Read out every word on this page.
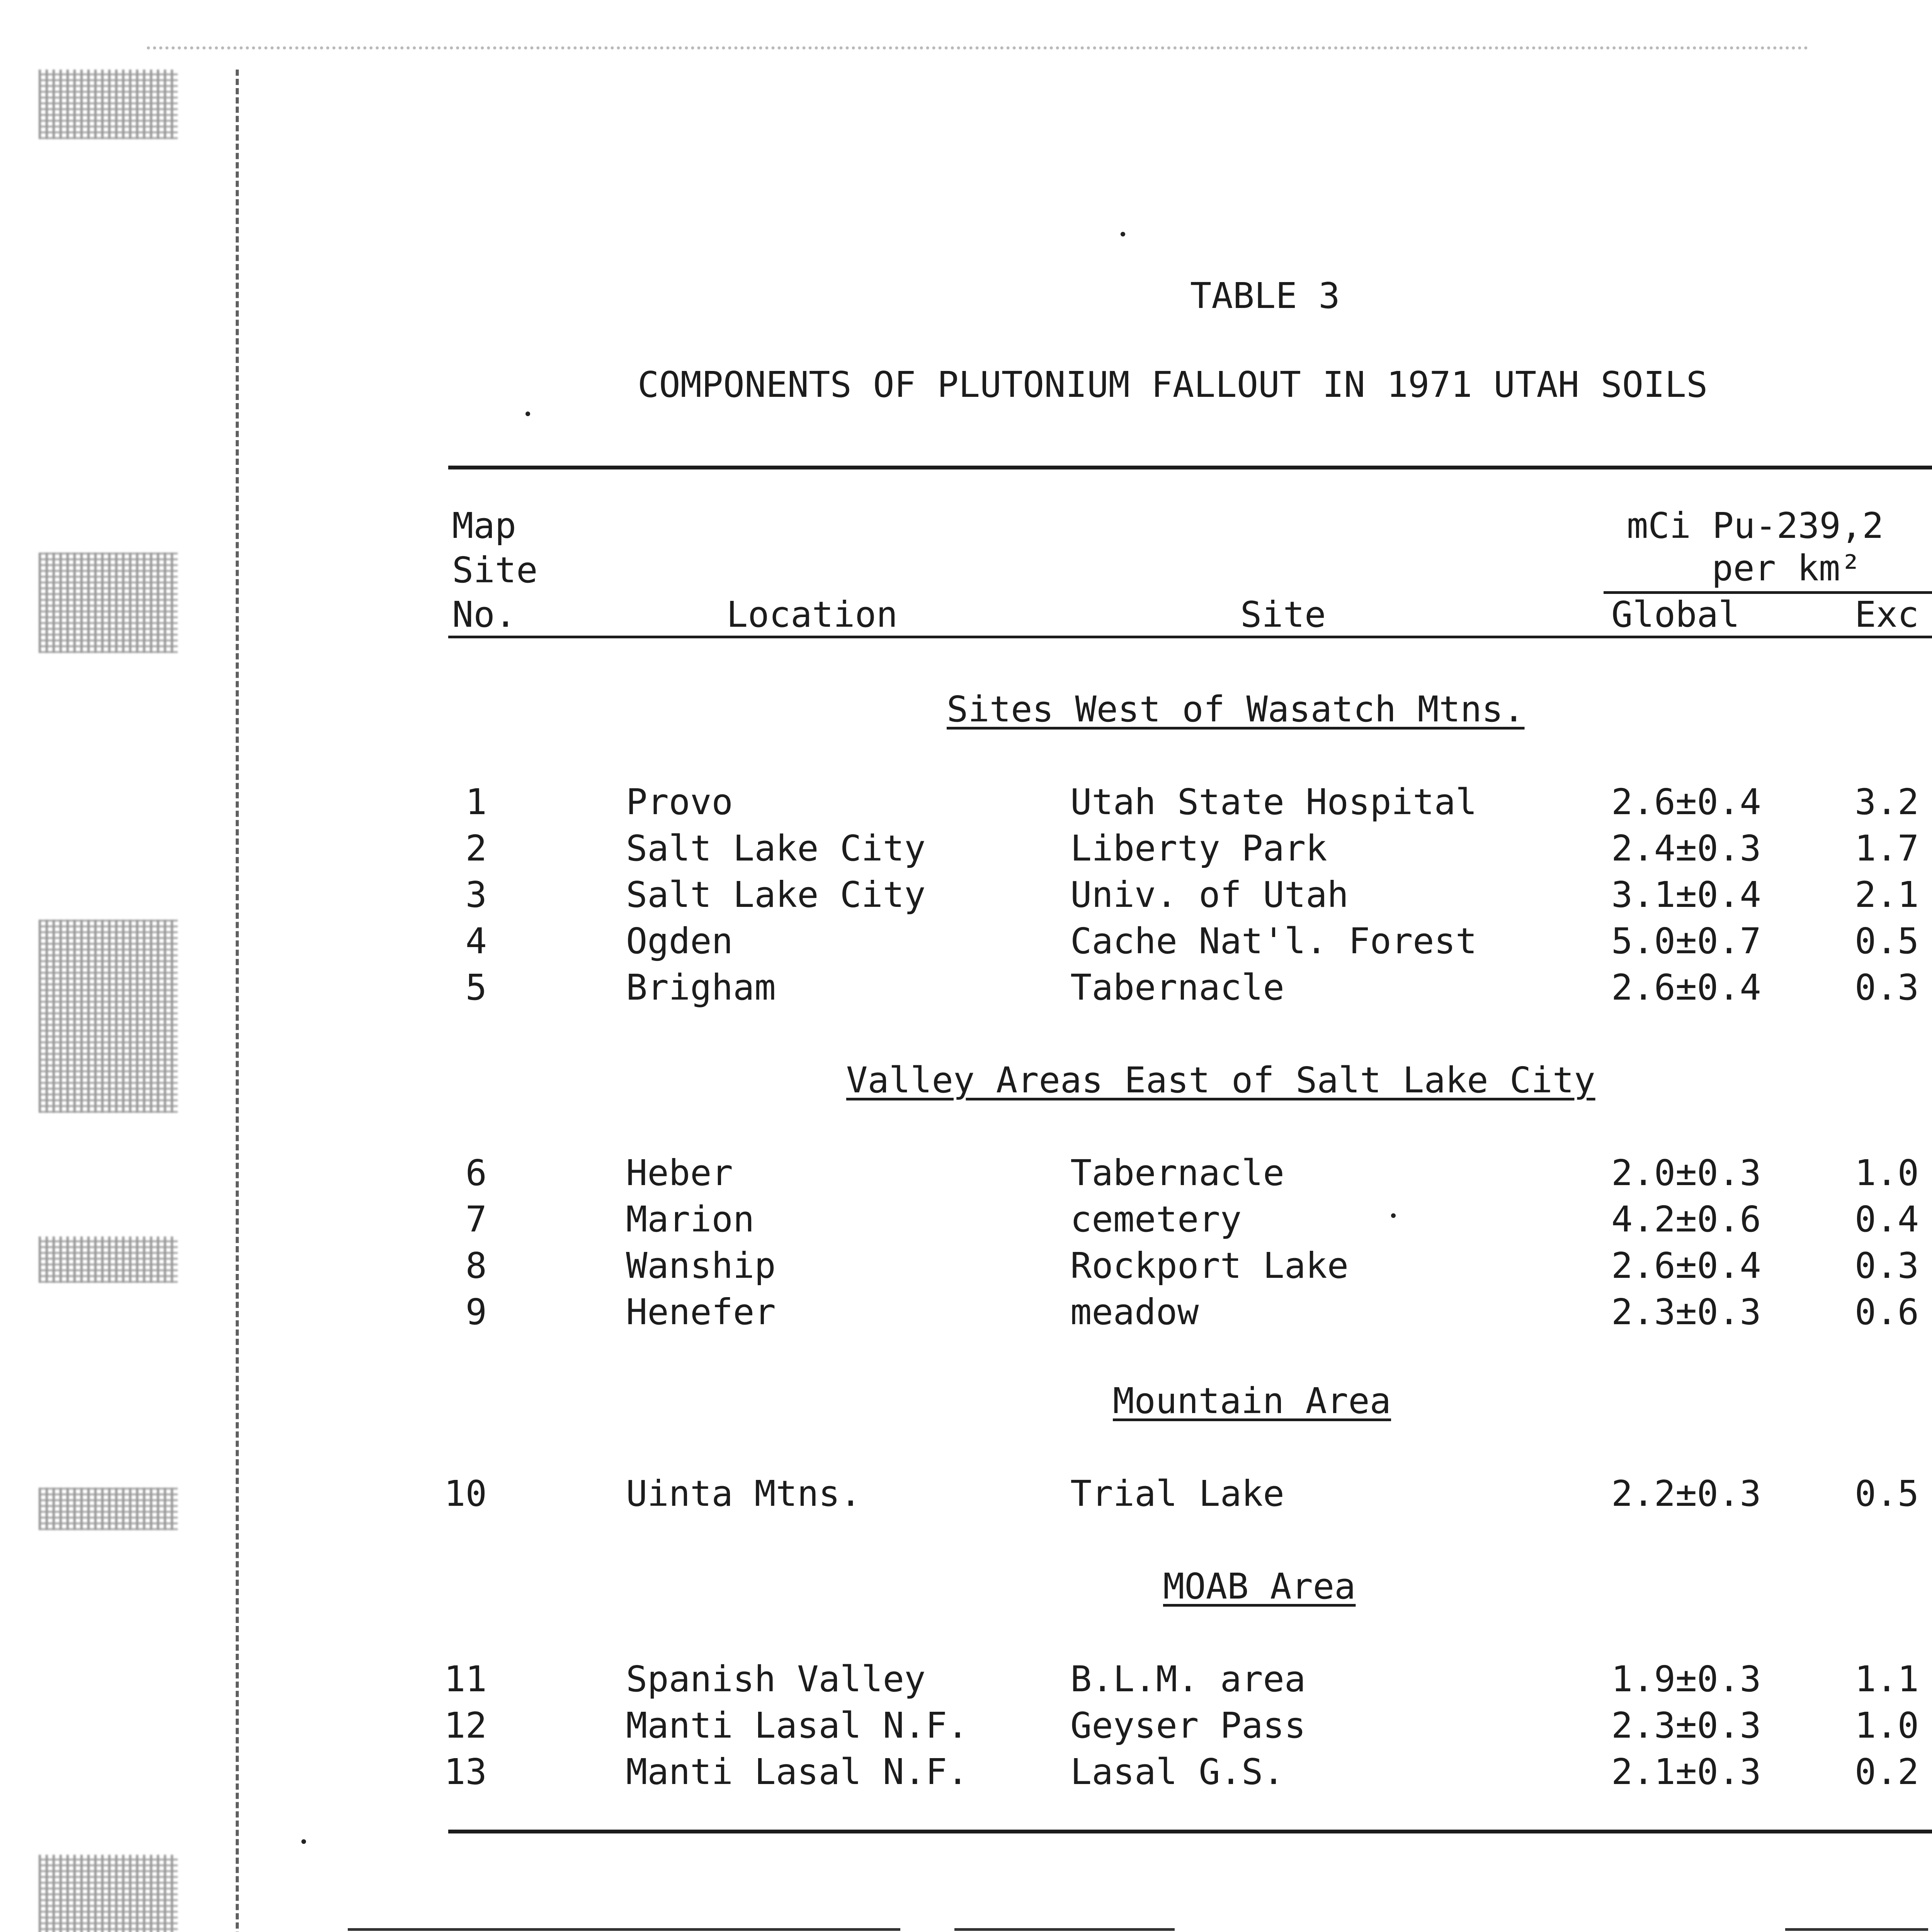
TABLE 3
COMPONENTS OF PLUTONIUM FALLOUT IN 1971 UTAH SOILS
Map
Site
No.	Location	Site
mCi Pu-239,2
per km²
Global	Exc
Sites West of Wasatch Mtns.
1	Provo	Utah State Hospital	2.6±0.4	3.2
2	Salt Lake City	Liberty Park	2.4±0.3	1.7
3	Salt Lake City	Univ. of Utah	3.1±0.4	2.1
4	Ogden	Cache Nat'l. Forest	5.0±0.7	0.5
5	Brigham	Tabernacle	2.6±0.4	0.3
Valley Areas East of Salt Lake City
6	Heber	Tabernacle	2.0±0.3	1.0
7	Marion	cemetery	4.2±0.6	0.4
8	Wanship	Rockport Lake	2.6±0.4	0.3
9	Henefer	meadow	2.3±0.3	0.6
Mountain Area
10	Uinta Mtns.	Trial Lake	2.2±0.3	0.5
MOAB Area
11	Spanish Valley	B.L.M. area	1.9±0.3	1.1
12	Manti Lasal N.F.	Geyser Pass	2.3±0.3	1.0
13	Manti Lasal N.F.	Lasal G.S.	2.1±0.3	0.2
